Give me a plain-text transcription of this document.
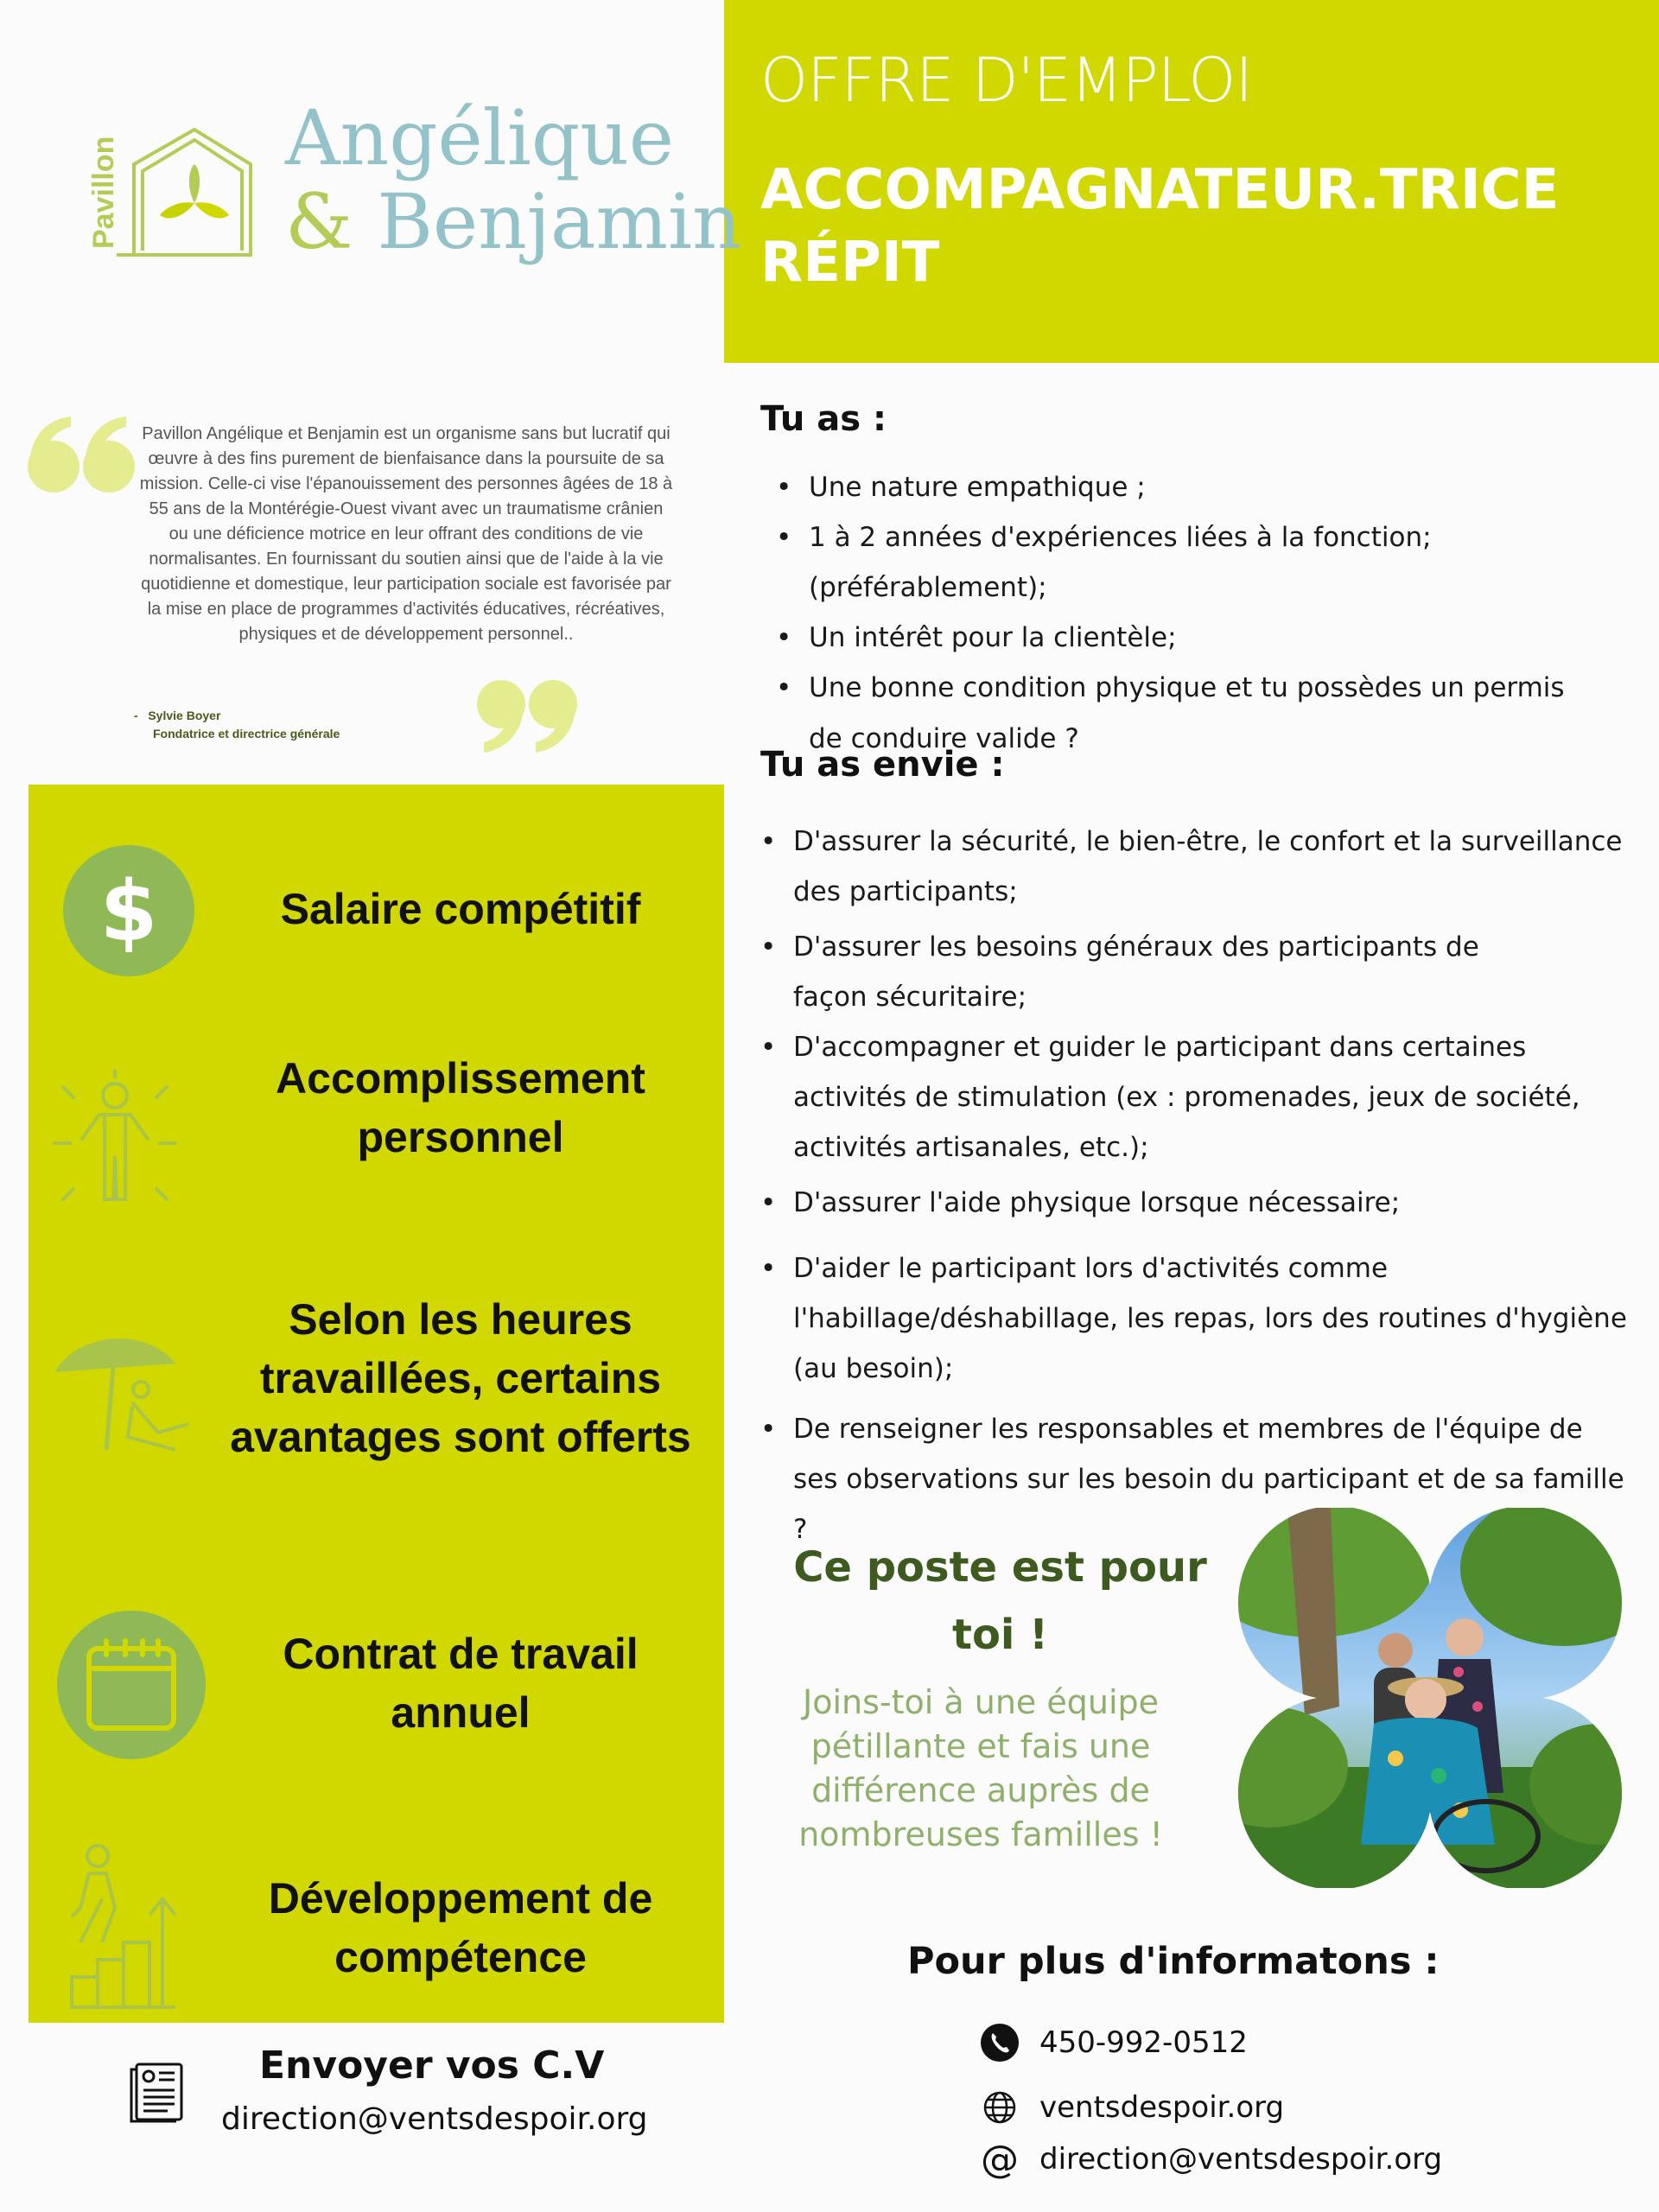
OFFRE D'EMPLOI
ACCOMPAGNATEUR.TRICE
RÉPIT
Pavillon Angélique
& Benjamin
Pavillon Angélique et Benjamin est un organisme sans but lucratif qui œuvre à des fins purement de bienfaisance dans la poursuite de sa mission. Celle-ci vise l'épanouissement des personnes âgées de 18 à 55 ans de la Montérégie-Ouest vivant avec un traumatisme crânien ou une déficience motrice en leur offrant des conditions de vie normalisantes. En fournissant du soutien ainsi que de l'aide à la vie quotidienne et domestique, leur participation sociale est favorisée par la mise en place de programmes d'activités éducatives, récréatives, physiques et de développement personnel..
- Sylvie Boyer
Fondatrice et directrice générale
$	Salaire compétitif
Accomplissement personnel
Selon les heures travaillées, certains avantages sont offerts
Contrat de travail annuel
Développement de compétence
Tu as :
• Une nature empathique ;
• 1 à 2 années d'expériences liées à la fonction; (préférablement);
• Un intérêt pour la clientèle;
• Une bonne condition physique et tu possèdes un permis de conduire valide ?
Tu as envie :
• D'assurer la sécurité, le bien-être, le confort et la surveillance des participants;
• D'assurer les besoins généraux des participants de façon sécuritaire;
• D'accompagner et guider le participant dans certaines activités de stimulation (ex : promenades, jeux de société, activités artisanales, etc.);
• D'assurer l'aide physique lorsque nécessaire;
• D'aider le participant lors d'activités comme l'habillage/déshabillage, les repas, lors des routines d'hygiène (au besoin);
• De renseigner les responsables et membres de l'équipe de ses observations sur les besoin du participant et de sa famille ?
Ce poste est pour toi !
Joins-toi à une équipe pétillante et fais une différence auprès de nombreuses familles !
Pour plus d'informatons :
450-992-0512
ventsdespoir.org
@ direction@ventsdespoir.org
Envoyer vos C.V
direction@ventsdespoir.org
